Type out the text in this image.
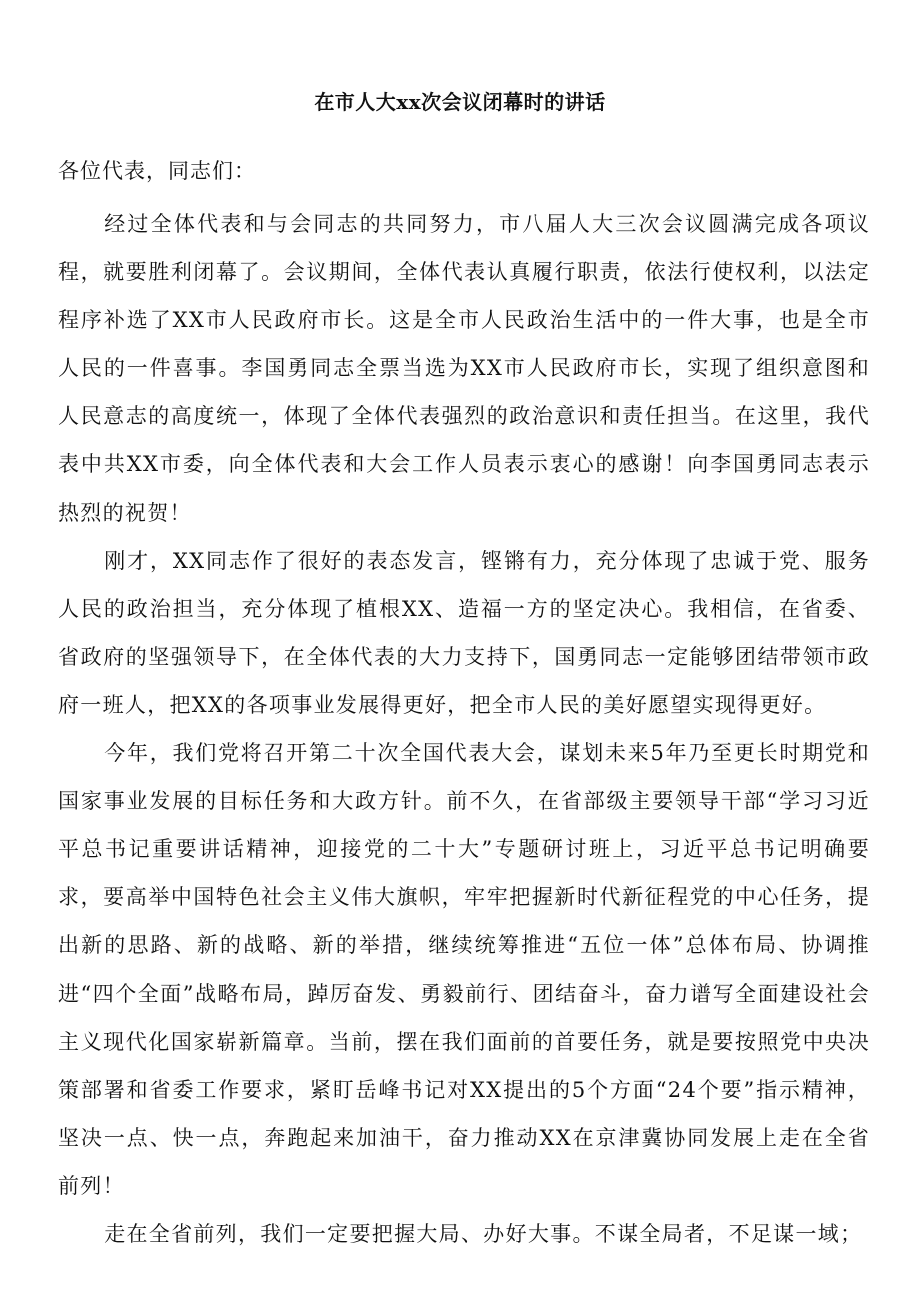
在市人大xx次会议闭幕时的讲话

各位代表，同志们：

经过全体代表和与会同志的共同努力，市八届人大三次会议圆满完成各项议程，就要胜利闭幕了。会议期间，全体代表认真履行职责，依法行使权利，以法定程序补选了XX市人民政府市长。这是全市人民政治生活中的一件大事，也是全市人民的一件喜事。李国勇同志全票当选为XX市人民政府市长，实现了组织意图和人民意志的高度统一，体现了全体代表强烈的政治意识和责任担当。在这里，我代表中共XX市委，向全体代表和大会工作人员表示衷心的感谢！向李国勇同志表示热烈的祝贺！

刚才，XX同志作了很好的表态发言，铿锵有力，充分体现了忠诚于党、服务人民的政治担当，充分体现了植根XX、造福一方的坚定决心。我相信，在省委、省政府的坚强领导下，在全体代表的大力支持下，国勇同志一定能够团结带领市政府一班人，把XX的各项事业发展得更好，把全市人民的美好愿望实现得更好。

今年，我们党将召开第二十次全国代表大会，谋划未来5年乃至更长时期党和国家事业发展的目标任务和大政方针。前不久，在省部级主要领导干部“学习习近平总书记重要讲话精神，迎接党的二十大”专题研讨班上，习近平总书记明确要求，要高举中国特色社会主义伟大旗帜，牢牢把握新时代新征程党的中心任务，提出新的思路、新的战略、新的举措，继续统筹推进“五位一体”总体布局、协调推进“四个全面”战略布局，踔厉奋发、勇毅前行、团结奋斗，奋力谱写全面建设社会主义现代化国家崭新篇章。当前，摆在我们面前的首要任务，就是要按照党中央决策部署和省委工作要求，紧盯岳峰书记对XX提出的5个方面“24个要”指示精神，坚决一点、快一点，奔跑起来加油干，奋力推动XX在京津冀协同发展上走在全省前列！

走在全省前列，我们一定要把握大局、办好大事。不谋全局者，不足谋一域；
